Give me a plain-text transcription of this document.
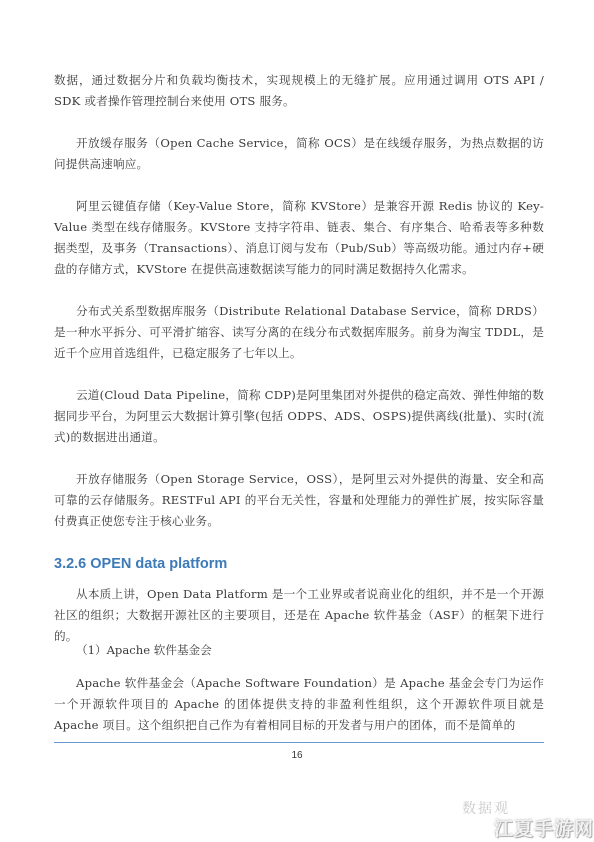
数据，通过数据分片和负载均衡技术，实现规模上的无缝扩展。应用通过调用 OTS API / SDK 或者操作管理控制台来使用 OTS 服务。

开放缓存服务（Open Cache Service，简称 OCS）是在线缓存服务，为热点数据的访问提供高速响应。

阿里云键值存储（Key-Value Store，简称 KVStore）是兼容开源 Redis 协议的 Key-Value 类型在线存储服务。KVStore 支持字符串、链表、集合、有序集合、哈希表等多种数据类型，及事务（Transactions）、消息订阅与发布（Pub/Sub）等高级功能。通过内存+硬盘的存储方式，KVStore 在提供高速数据读写能力的同时满足数据持久化需求。

分布式关系型数据库服务（Distribute Relational Database Service，简称 DRDS）是一种水平拆分、可平滑扩缩容、读写分离的在线分布式数据库服务。前身为淘宝 TDDL，是近千个应用首选组件，已稳定服务了七年以上。

云道(Cloud Data Pipeline，简称 CDP)是阿里集团对外提供的稳定高效、弹性伸缩的数据同步平台，为阿里云大数据计算引擎(包括 ODPS、ADS、OSPS)提供离线(批量)、实时(流式)的数据进出通道。

开放存储服务（Open Storage Service，OSS），是阿里云对外提供的海量、安全和高可靠的云存储服务。RESTFul API 的平台无关性，容量和处理能力的弹性扩展，按实际容量付费真正使您专注于核心业务。

3.2.6 OPEN data platform

从本质上讲，Open Data Platform 是一个工业界或者说商业化的组织，并不是一个开源社区的组织；大数据开源社区的主要项目，还是在 Apache 软件基金（ASF）的框架下进行的。

（1）Apache 软件基金会

Apache 软件基金会（Apache Software Foundation）是 Apache 基金会专门为运作一个开源软件项目的 Apache 的团体提供支持的非盈利性组织，这个开源软件项目就是 Apache 项目。这个组织把自己作为有着相同目标的开发者与用户的团体，而不是简单的

16
数据观
江夏手游网
